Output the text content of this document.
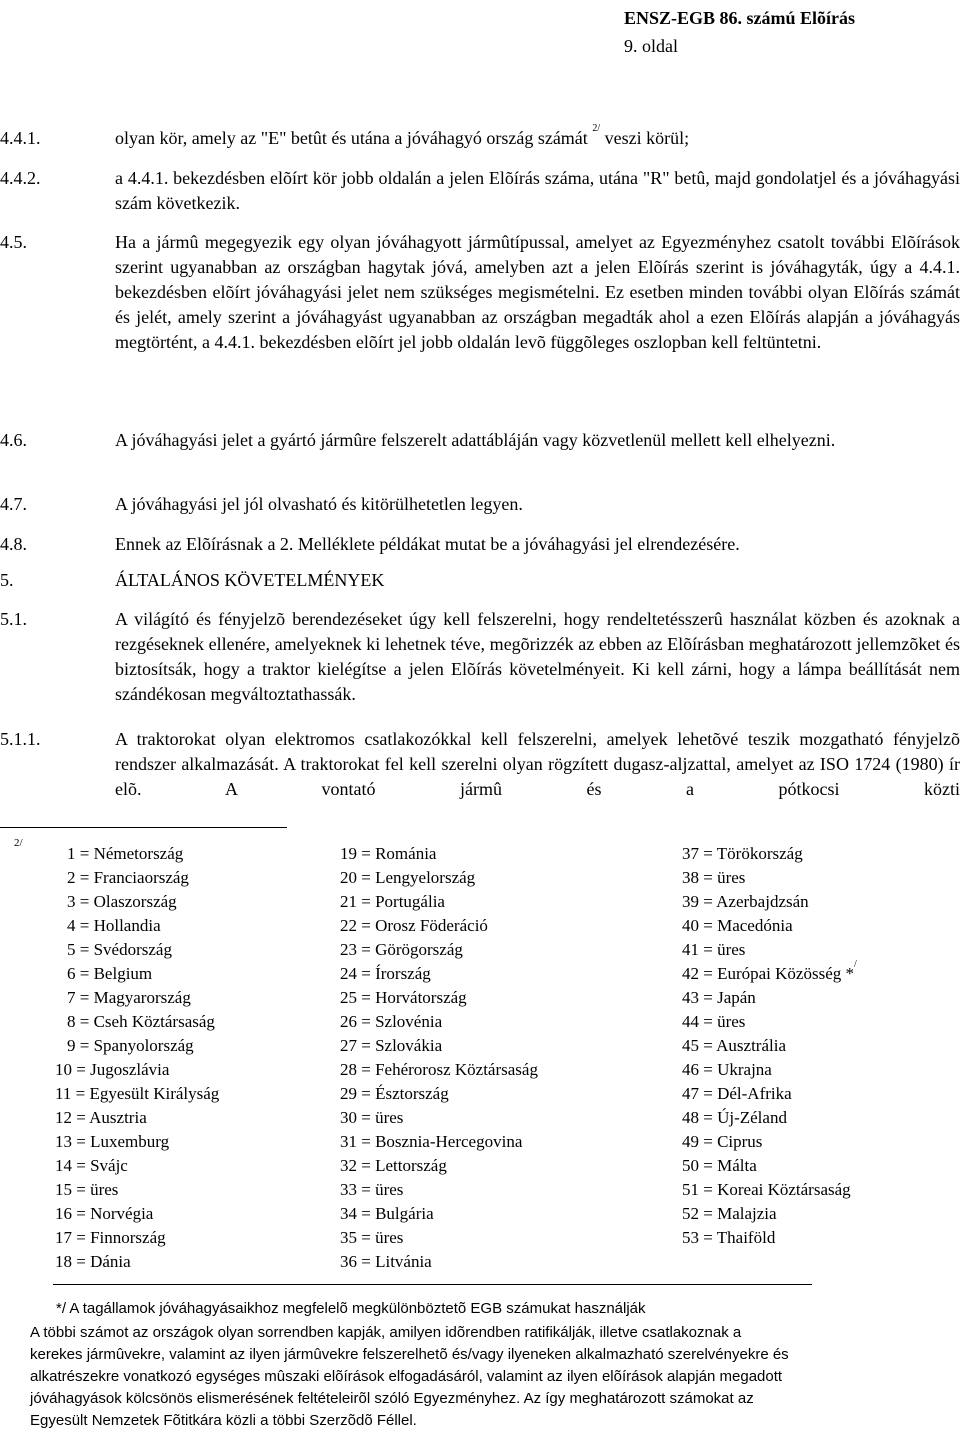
ENSZ-EGB 86. számú Elõírás
9. oldal
4.4.1.	olyan kör, amely az "E" betût és utána a jóváhagyó ország számát $^{2/}$ veszi körül;
4.4.2.	a 4.4.1. bekezdésben elõírt kör jobb oldalán a jelen Elõírás száma, utána "R" betû, majd gondolatjel és a jóváhagyási szám következik.
4.5.	Ha a jármû megegyezik egy olyan jóváhagyott jármûtípussal, amelyet az Egyezményhez csatolt további Elõírások szerint ugyanabban az országban hagytak jóvá, amelyben azt a jelen Elõírás szerint is jóváhagyták, úgy a 4.4.1. bekezdésben elõírt jóváhagyási jelet nem szükséges megismételni. Ez esetben minden további olyan Elõírás számát és jelét, amely szerint a jóváhagyást ugyanabban az országban megadták ahol a ezen Elõírás alapján a jóváhagyás megtörtént, a 4.4.1. bekezdésben elõírt jel jobb oldalán levõ függõleges oszlopban kell feltüntetni.
4.6.	A jóváhagyási jelet a gyártó jármûre felszerelt adattábláján vagy közvetlenül mellett kell elhelyezni.
4.7.	A jóváhagyási jel jól olvasható és kitörülhetetlen legyen.
4.8.	Ennek az Elõírásnak a 2. Melléklete példákat mutat be a jóváhagyási jel elrendezésére.
5.	ÁLTALÁNOS KÖVETELMÉNYEK
5.1.	A világító és fényjelzõ berendezéseket úgy kell felszerelni, hogy rendeltetésszerû használat közben és azoknak a rezgéseknek ellenére, amelyeknek ki lehetnek téve, megõrizzék az ebben az Elõírásban meghatározott jellemzõket és biztosítsák, hogy a traktor kielégítse a jelen Elõírás követelményeit. Ki kell zárni, hogy a lámpa beállítását nem szándékosan megváltoztathassák.
5.1.1.	A traktorokat olyan elektromos csatlakozókkal kell felszerelni, amelyek lehetõvé teszik mozgatható fényjelzõ rendszer alkalmazását. A traktorokat fel kell szerelni olyan rögzített dugasz-aljzattal, amelyet az ISO 1724 (1980) ír elõ. A vontató jármû és a pótkocsi közti
2/
1 = Németország
2 = Franciaország
3 = Olaszország
4 = Hollandia
5 = Svédország
6 = Belgium
7 = Magyarország
8 = Cseh Köztársaság
9 = Spanyolország
10 = Jugoszlávia
11 = Egyesült Királyság
12 = Ausztria
13 = Luxemburg
14 = Svájc
15 = üres
16 = Norvégia
17 = Finnország
18 = Dánia
19 = Románia
20 = Lengyelország
21 = Portugália
22 = Orosz Föderáció
23 = Görögország
24 = Írország
25 = Horvátország
26 = Szlovénia
27 = Szlovákia
28 = Fehérorosz Köztársaság
29 = Észtország
30 = üres
31 = Bosznia-Hercegovina
32 = Lettország
33 = üres
34 = Bulgária
35 = üres
36 = Litvánia
37 = Törökország
38 = üres
39 = Azerbajdzsán
40 = Macedónia
41 = üres
42 = Európai Közösség */
43 = Japán
44 = üres
45 = Ausztrália
46 = Ukrajna
47 = Dél-Afrika
48 = Új-Zéland
49 = Ciprus
50 = Málta
51 = Koreai Köztársaság
52 = Malajzia
53 = Thaiföld
*/ A tagállamok jóváhagyásaikhoz megfelelõ megkülönböztetõ EGB számukat használják
A többi számot az országok olyan sorrendben kapják, amilyen idõrendben ratifikálják, illetve csatlakoznak a
kerekes jármûvekre, valamint az ilyen jármûvekre felszerelhetõ és/vagy ilyeneken alkalmazható szerelvényekre és
alkatrészekre vonatkozó egységes mûszaki elõírások elfogadásáról, valamint az ilyen elõírások alapján megadott
jóváhagyások kölcsönös elismerésének feltételeirõl szóló Egyezményhez. Az így meghatározott számokat az
Egyesült Nemzetek Fõtitkára közli a többi Szerzõdõ Féllel.
